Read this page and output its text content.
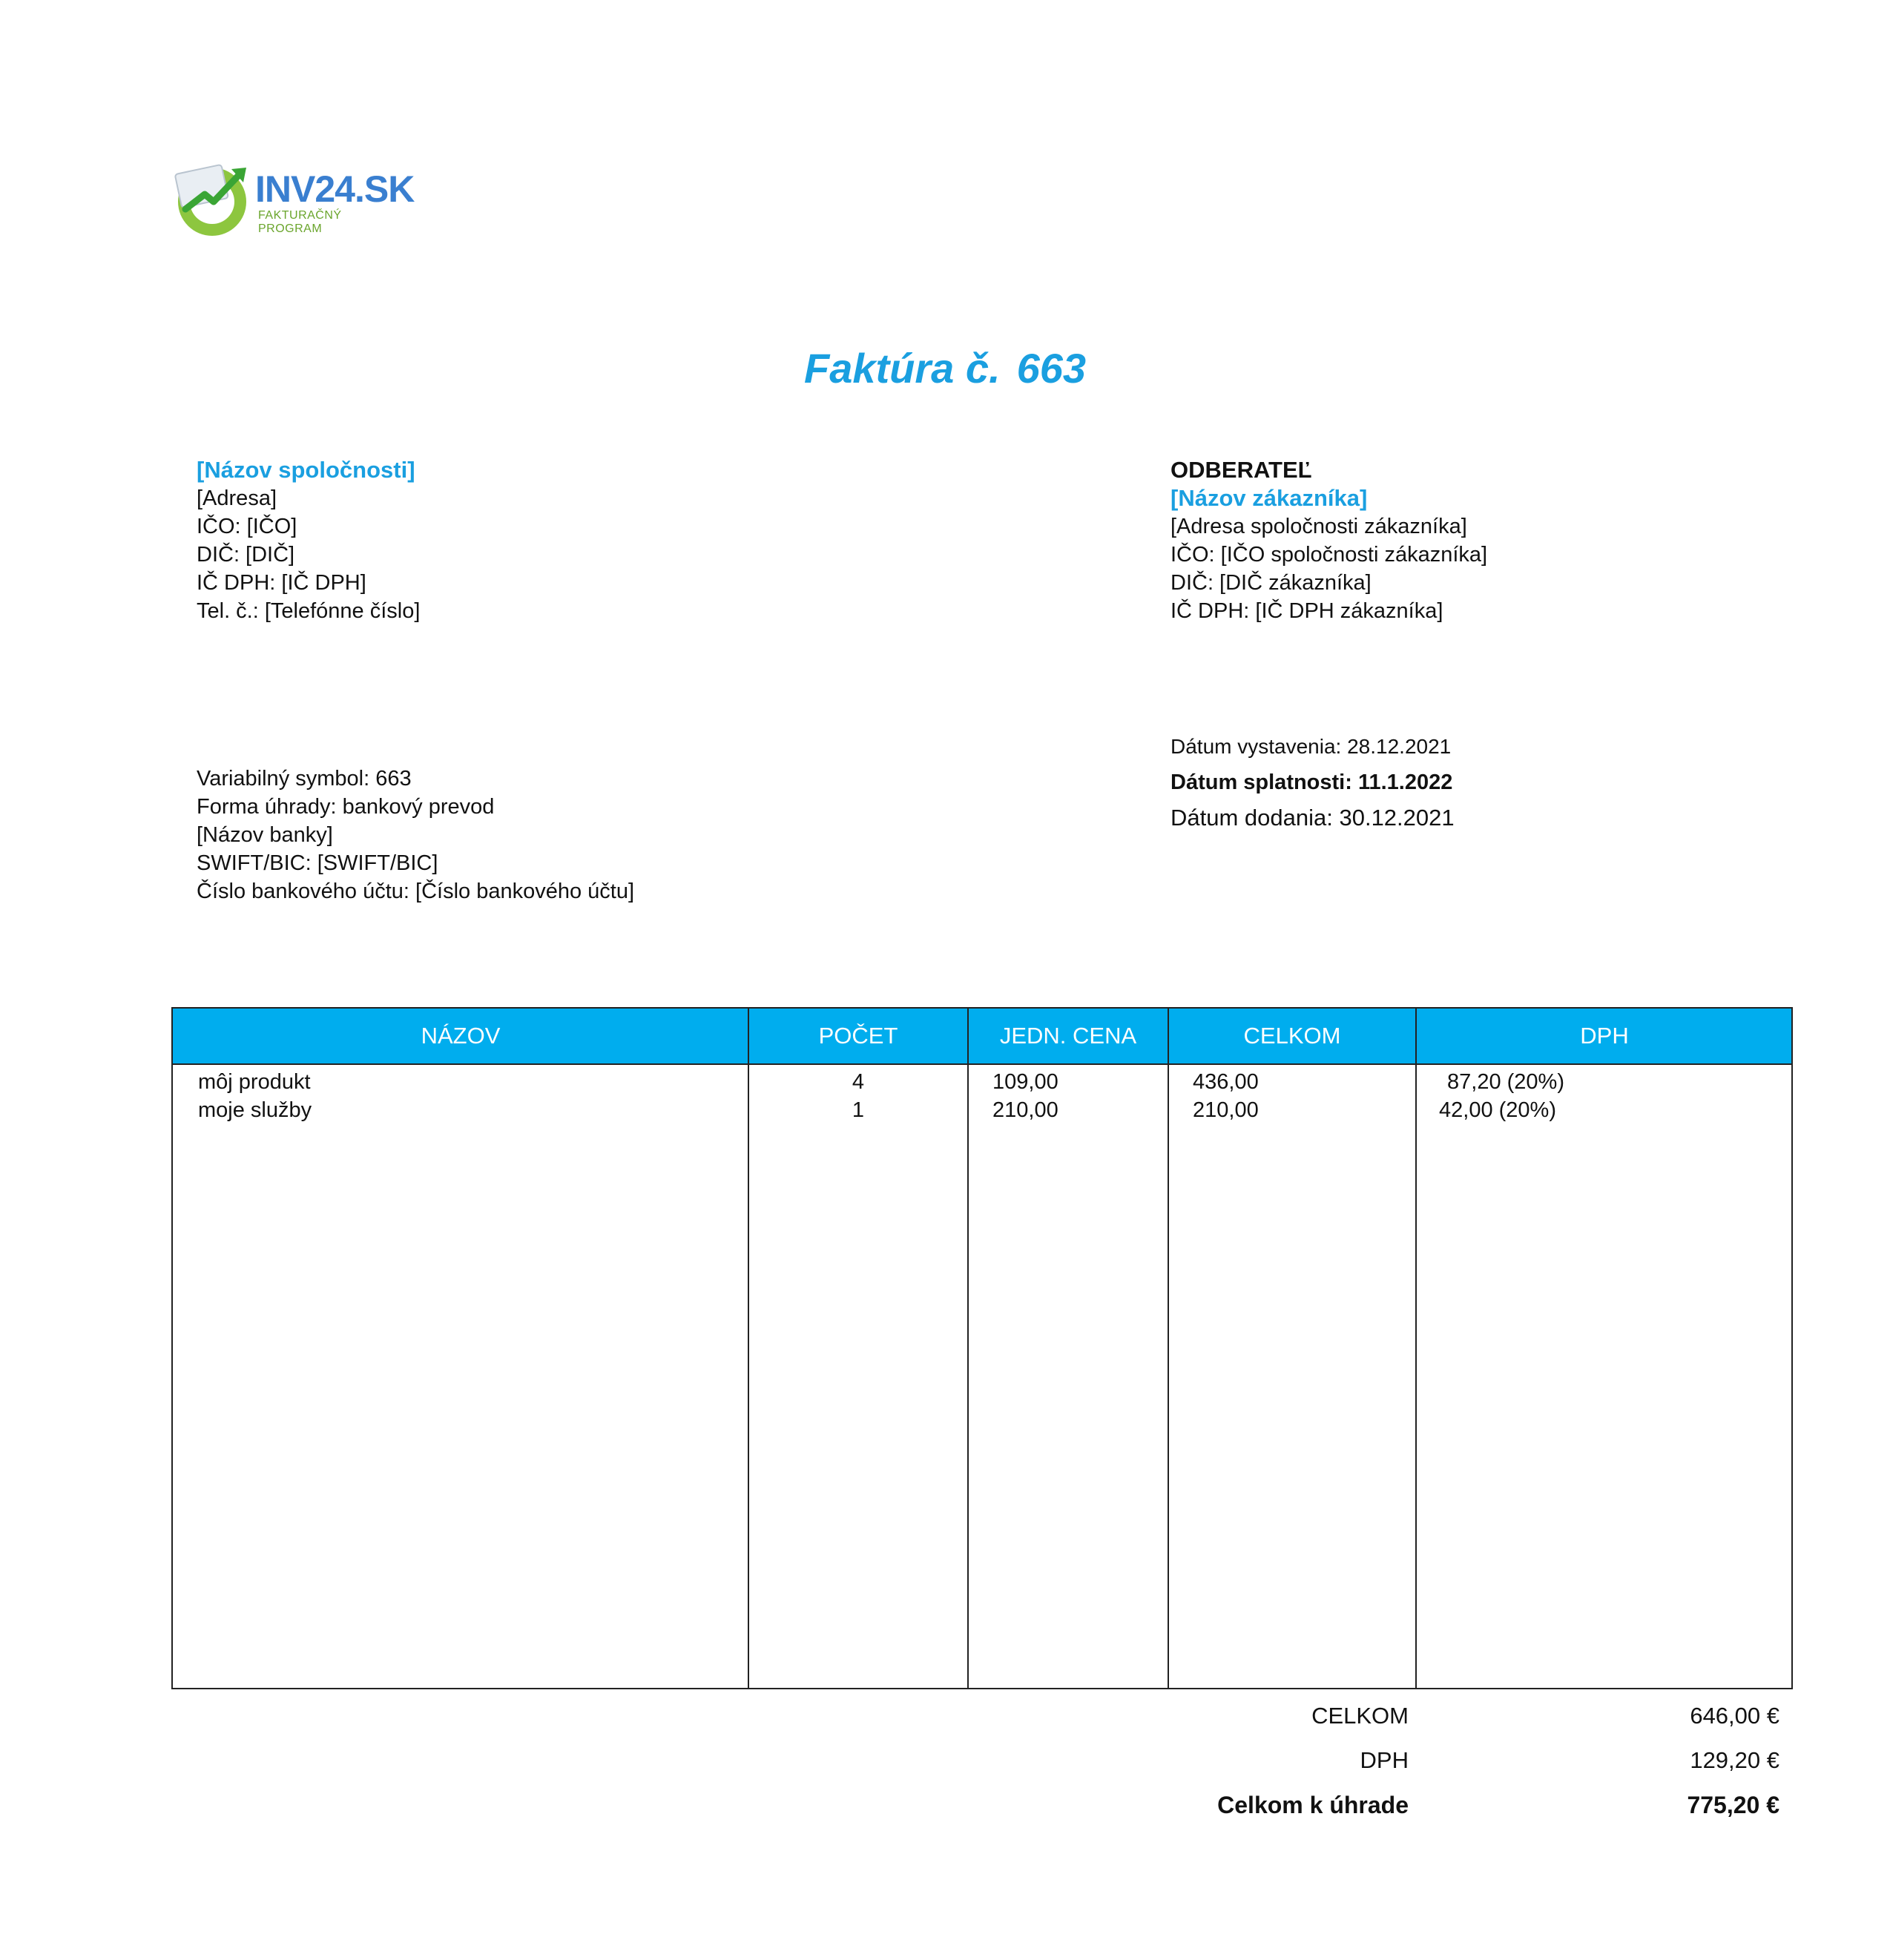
INV24.SK
FAKTURAČNÝ PROGRAM
Faktúra č. 663
[Názov spoločnosti]
[Adresa]
IČO: [IČO]
DIČ: [DIČ]
IČ DPH: [IČ DPH]
Tel. č.: [Telefónne číslo]
ODBERATEĽ
[Názov zákazníka]
[Adresa spoločnosti zákazníka]
IČO: [IČO spoločnosti zákazníka]
DIČ: [DIČ zákazníka]
IČ DPH: [IČ DPH zákazníka]
Variabilný symbol: 663
Forma úhrady: bankový prevod
[Názov banky]
SWIFT/BIC: [SWIFT/BIC]
Číslo bankového účtu: [Číslo bankového účtu]
Dátum vystavenia: 28.12.2021
Dátum splatnosti: 11.1.2022
Dátum dodania: 30.12.2021
NÁZOV	POČET	JEDN. CENA	CELKOM	DPH
môj produkt	4	109,00	436,00	87,20 (20%)
moje služby	1	210,00	210,00	42,00 (20%)
CELKOM	646,00 €
DPH	129,20 €
Celkom k úhrade	775,20 €
